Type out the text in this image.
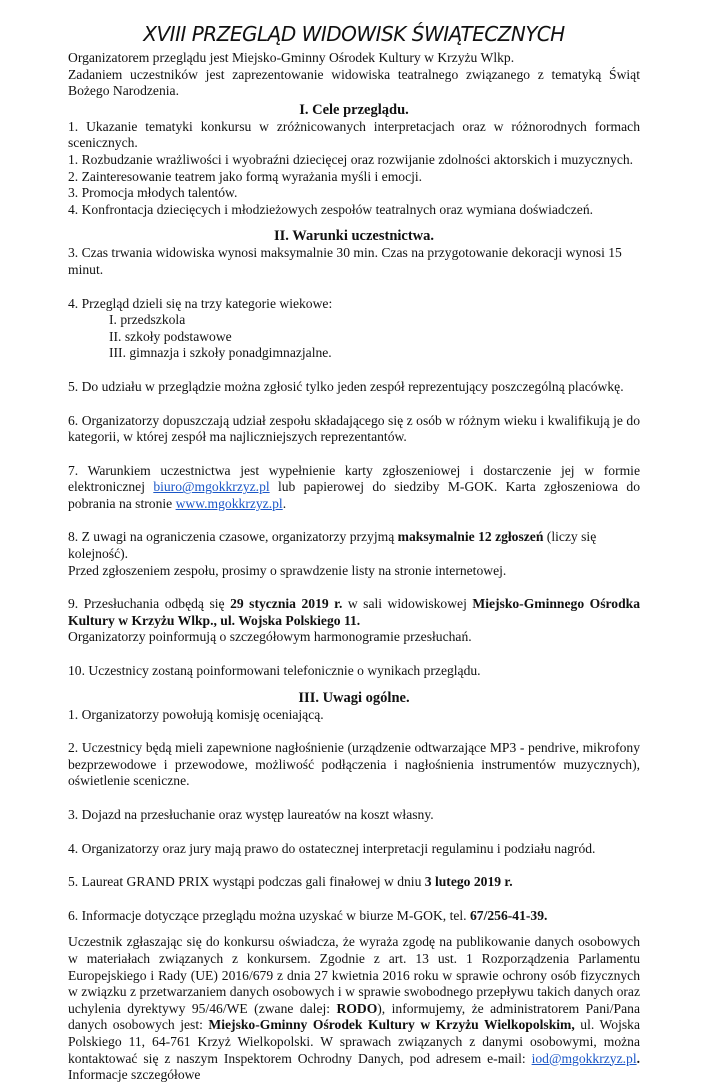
XVIII PRZEGLĄD WIDOWISK ŚWIĄTECZNYCH

Organizatorem przeglądu jest Miejsko-Gminny Ośrodek Kultury w Krzyżu Wlkp.

Zadaniem uczestników jest zaprezentowanie widowiska teatralnego związanego z tematyką Świąt Bożego Narodzenia.

I. Cele przeglądu.

1. Ukazanie tematyki konkursu w zróżnicowanych interpretacjach oraz w różnorodnych formach scenicznych.

1. Rozbudzanie wrażliwości i wyobraźni dziecięcej oraz rozwijanie zdolności aktorskich i muzycznych.

2. Zainteresowanie teatrem jako formą wyrażania myśli i emocji.

3. Promocja młodych talentów.

4. Konfrontacja dziecięcych i młodzieżowych zespołów teatralnych oraz wymiana doświadczeń.

II. Warunki uczestnictwa.

3. Czas trwania widowiska wynosi maksymalnie 30 min. Czas na przygotowanie dekoracji wynosi 15 minut.

4. Przegląd dzieli się na trzy kategorie wiekowe:

I. przedszkola

II. szkoły podstawowe

III. gimnazja i szkoły ponadgimnazjalne.

5. Do udziału w przeglądzie można zgłosić tylko jeden zespół reprezentujący poszczególną placówkę.

6. Organizatorzy dopuszczają udział zespołu składającego się z osób w różnym wieku i kwalifikują je do kategorii, w której zespół ma najliczniejszych reprezentantów.

7. Warunkiem uczestnictwa jest wypełnienie karty zgłoszeniowej i dostarczenie jej w formie elektronicznej biuro@mgokkrzyz.pl lub papierowej do siedziby M-GOK. Karta zgłoszeniowa do pobrania na stronie www.mgokkrzyz.pl.

8. Z uwagi na ograniczenia czasowe, organizatorzy przyjmą maksymalnie 12 zgłoszeń (liczy się kolejność).

Przed zgłoszeniem zespołu, prosimy o sprawdzenie listy na stronie internetowej.

9. Przesłuchania odbędą się 29 stycznia 2019 r. w sali widowiskowej Miejsko-Gminnego Ośrodka Kultury w Krzyżu Wlkp., ul. Wojska Polskiego 11.

Organizatorzy poinformują o szczegółowym harmonogramie przesłuchań.

10. Uczestnicy zostaną poinformowani telefonicznie o wynikach przeglądu.

III. Uwagi ogólne.

1. Organizatorzy powołują komisję oceniającą.

2. Uczestnicy będą mieli zapewnione nagłośnienie (urządzenie odtwarzające MP3 - pendrive, mikrofony bezprzewodowe i przewodowe, możliwość podłączenia i nagłośnienia instrumentów muzycznych), oświetlenie sceniczne.

3. Dojazd na przesłuchanie oraz występ laureatów na koszt własny.

4. Organizatorzy oraz jury mają prawo do ostatecznej interpretacji regulaminu i podziału nagród.

5. Laureat GRAND PRIX wystąpi podczas gali finałowej w dniu 3 lutego 2019 r.

6. Informacje dotyczące przeglądu można uzyskać w biurze M-GOK, tel. 67/256-41-39.

Uczestnik zgłaszając się do konkursu oświadcza, że wyraża zgodę na publikowanie danych osobowych w materiałach związanych z konkursem. Zgodnie z art. 13 ust. 1 Rozporządzenia Parlamentu Europejskiego i Rady (UE) 2016/679 z dnia 27 kwietnia 2016 roku w sprawie ochrony osób fizycznych w związku z przetwarzaniem danych osobowych i w sprawie swobodnego przepływu takich danych oraz uchylenia dyrektywy 95/46/WE (zwane dalej: RODO), informujemy, że administratorem Pani/Pana danych osobowych jest: Miejsko-Gminny Ośrodek Kultury w Krzyżu Wielkopolskim, ul. Wojska Polskiego 11, 64-761 Krzyż Wielkopolski. W sprawach związanych z danymi osobowymi, można kontaktować się z naszym Inspektorem Ochrodny Danych, pod adresem e-mail: iod@mgokkrzyz.pl. Informacje szczegółowe
